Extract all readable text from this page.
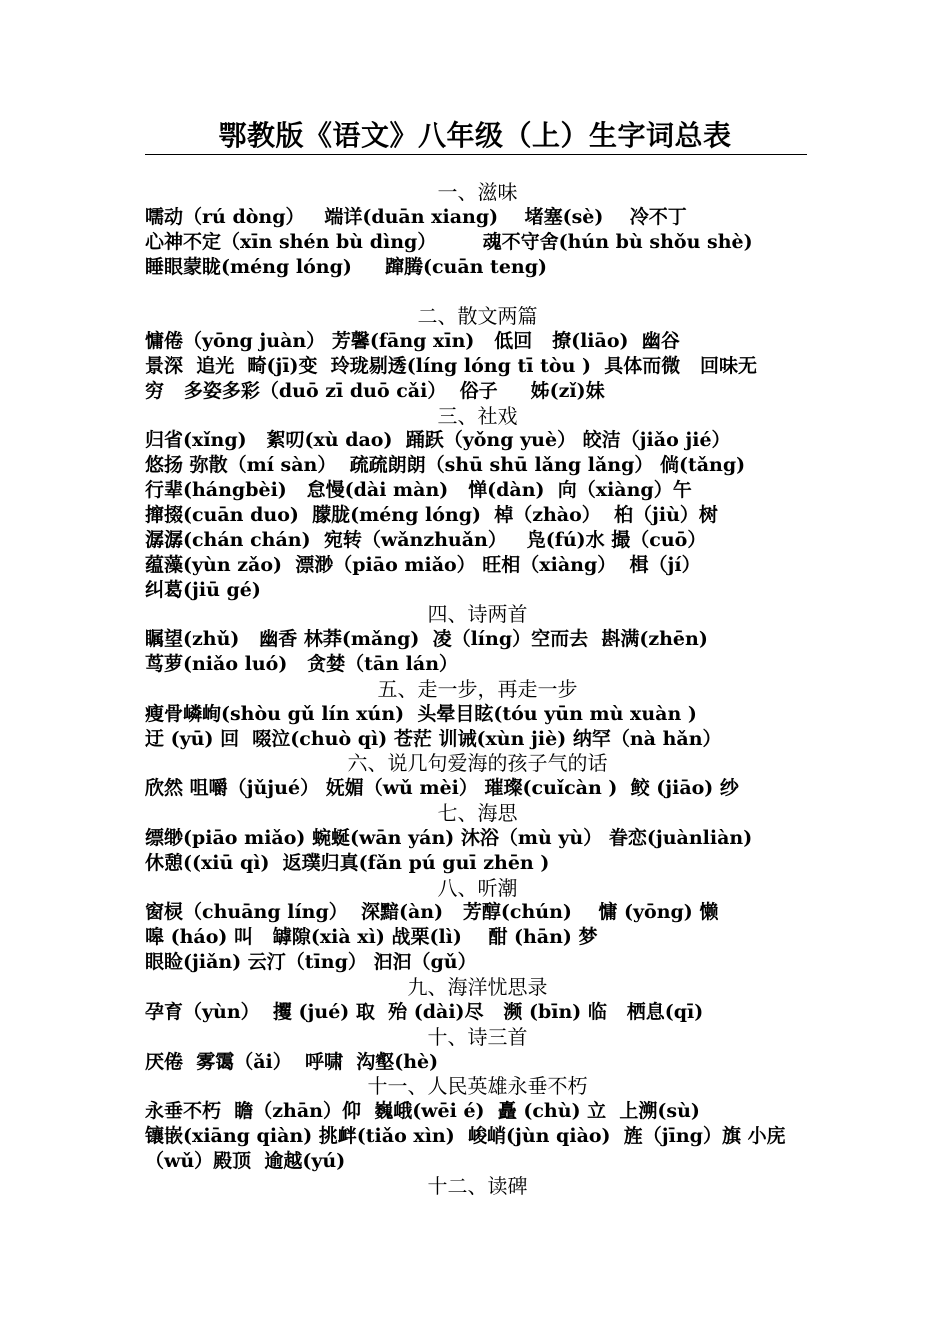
鄂教版《语文》八年级（上）生字词总表
一、滋味
嚅动（rú dòng）   端详(duān xiang)    堵塞(sè)    冷不丁
心神不定（xīn shén bù dìng）       魂不守舍(hún bù shǒu shè)
睡眼蒙眬(méng lóng)     蹿腾(cuān teng)
二、散文两篇
慵倦（yōng juàn） 芳馨(fāng xīn)   低回   撩(liāo)  幽谷
景深  追光  畸(jī)变  玲珑剔透(líng lóng tī tòu )  具体而微   回味无
穷   多姿多彩（duō zī duō cǎi）  俗子     姊(zǐ)妹
三、社戏
归省(xǐng)   絮叨(xù dao)  踊跃（yǒng yuè） 皎洁（jiǎo jié）
悠扬 弥散（mí sàn）  疏疏朗朗（shū shū lǎng lǎng） 倘(tǎng)
行辈(hángbèi)   怠慢(dài màn)   惮(dàn)  向（xiàng）午
撺掇(cuān duo)  朦胧(méng lóng)  棹（zhào）  桕（jiù）树
潺潺(chán chán)  宛转（wǎnzhuǎn）   凫(fú)水 撮（cuō）
蕴藻(yùn zǎo)  漂渺（piāo miǎo） 旺相（xiàng）  楫（jí）
纠葛(jiū gé)
四、诗两首
瞩望(zhǔ)   幽香 林莽(mǎng)  凌（líng）空而去  斟满(zhēn)
茑萝(niǎo luó)   贪婪（tān lán）
五、走一步，再走一步
瘦骨嶙峋(shòu gǔ lín xún)  头晕目眩(tóu yūn mù xuàn )
迂 (yū) 回  啜泣(chuò qì) 苍茫 训诫(xùn jiè) 纳罕（nà hǎn）
六、说几句爱海的孩子气的话
欣然 咀嚼（jǔjué） 妩媚（wǔ mèi） 璀璨(cuǐcàn )  鲛 (jiāo) 纱
七、海思
缥缈(piāo miǎo) 蜿蜒(wān yán) 沐浴（mù yù） 眷恋(juànliàn)
休憩((xiū qì)  返璞归真(fǎn pú guī zhēn )
八、听潮
窗棂（chuāng líng）  深黯(àn)   芳醇(chún)    慵 (yōng) 懒
嗥 (háo) 叫   罅隙(xià xì) 战栗(lì)    酣 (hān) 梦
眼睑(jiǎn) 云汀（tīng） 汩汩（gǔ）
九、海洋忧思录
孕育（yùn）  攫 (jué) 取  殆 (dài)尽   濒 (bīn) 临   栖息(qī)
十、诗三首
厌倦  雾霭（ǎi）  呼啸  沟壑(hè)
十一、人民英雄永垂不朽
永垂不朽  瞻（zhān）仰  巍峨(wēi é)  矗 (chù) 立  上溯(sù)
镶嵌(xiāng qiàn) 挑衅(tiǎo xìn)  峻峭(jùn qiào)  旌（jīng）旗 小庑
（wǔ）殿顶  逾越(yú)
十二、读碑
